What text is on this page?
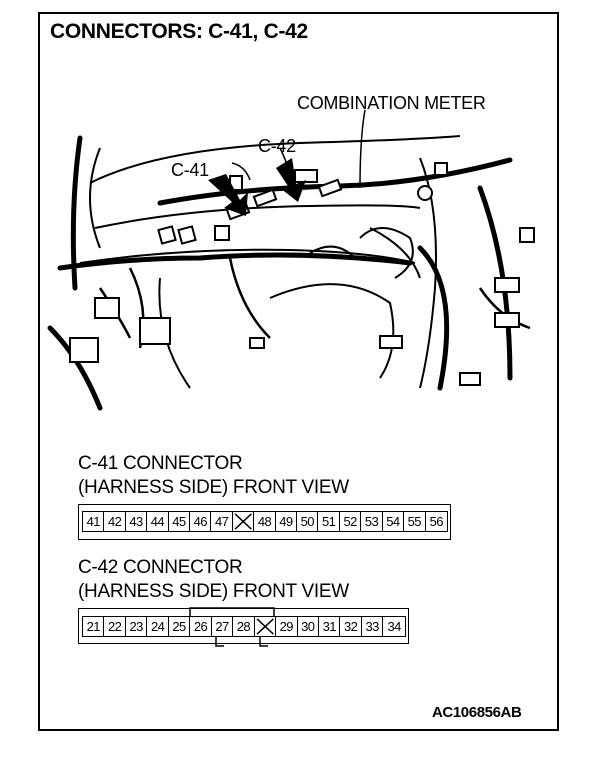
CONNECTORS: C-41, C-42
COMBINATION METER
C-42
C-41
C-41 CONNECTOR
(HARNESS SIDE) FRONT VIEW
41 42 43 44 45 46 47	48 49 50 51 52 53 54 55 56
C-42 CONNECTOR
(HARNESS SIDE) FRONT VIEW
21 22 23 24 25 26 27 28	29 30 31 32 33 34
AC106856AB
